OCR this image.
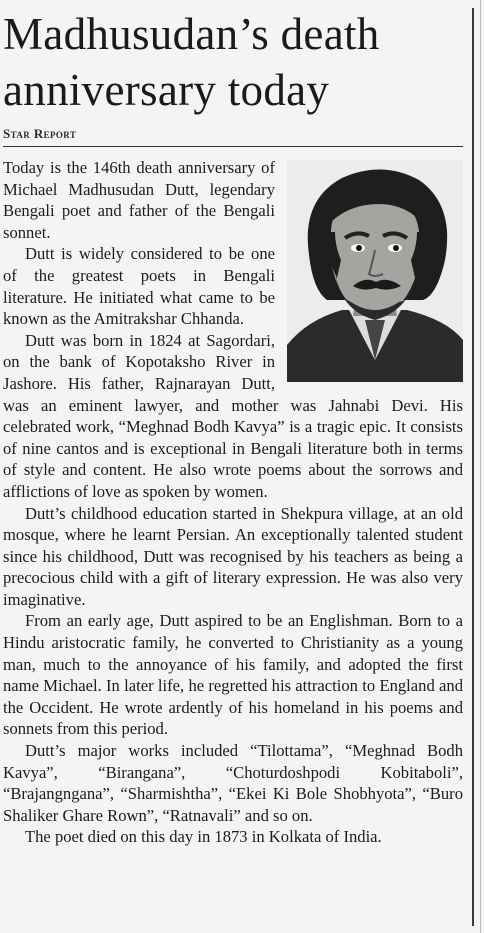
Madhusudan’s death
anniversary today
Star Report

Today is the 146th death anniversary of Michael Madhusudan Dutt, legendary Bengali poet and father of the Bengali sonnet.

Dutt is widely considered to be one of the greatest poets in Bengali literature. He initiated what came to be known as the Amitrakshar Chhanda.

Dutt was born in 1824 at Sagordari, on the bank of Kopotaksho River in Jashore. His father, Rajnarayan Dutt, was an eminent lawyer, and mother was Jahnabi Devi. His celebrated work, “Meghnad Bodh Kavya” is a tragic epic. It consists of nine cantos and is exceptional in Bengali literature both in terms of style and content. He also wrote poems about the sorrows and afflictions of love as spoken by women.

Dutt’s childhood education started in Shekpura village, at an old mosque, where he learnt Persian. An exceptionally talented student since his childhood, Dutt was recognised by his teachers as being a precocious child with a gift of literary expression. He was also very imaginative.

From an early age, Dutt aspired to be an Englishman. Born to a Hindu aristocratic family, he converted to Christianity as a young man, much to the annoyance of his family, and adopted the first name Michael. In later life, he regretted his attraction to England and the Occident. He wrote ardently of his homeland in his poems and sonnets from this period.

Dutt’s major works included “Tilottama”, “Meghnad Bodh Kavya”, “Birangana”, “Choturdoshpodi Kobitaboli”, “Brajangngana”, “Sharmishtha”, “Ekei Ki Bole Shobhyota”, “Buro Shaliker Ghare Rown”, “Ratnavali” and so on.

The poet died on this day in 1873 in Kolkata of India.
